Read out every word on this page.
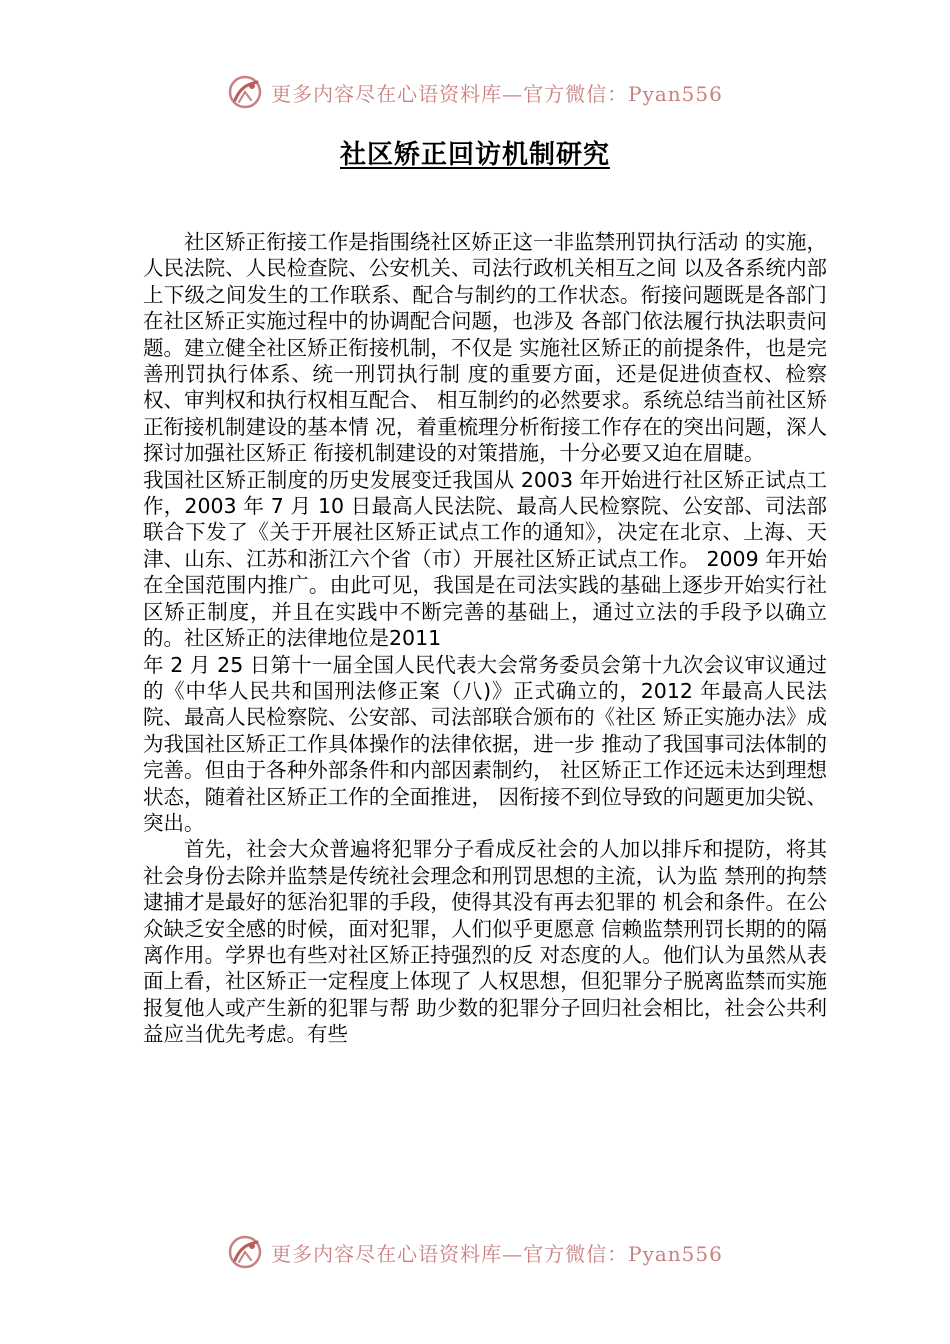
更多内容尽在心语资料库—官方微信：Pyan556
社区矫正回访机制研究

社区矫正衔接工作是指围绕社区娇正这一非监禁刑罚执行活动 的实施，人民法院、人民检查院、公安机关、司法行政机关相互之间 以及各系统内部上下级之间发生的工作联系、配合与制约的工作状态。衔接问题既是各部门在社区矫正实施过程中的协调配合问题，也涉及 各部门依法履行执法职责问题。建立健全社区矫正衔接机制，不仅是 实施社区矫正的前提条件，也是完善刑罚执行体系、统一刑罚执行制 度的重要方面，还是促进侦查权、检察权、审判权和执行权相互配合、 相互制约的必然要求。系统总结当前社区矫正衔接机制建设的基本情 况，着重梳理分析衔接工作存在的突出问题，深人探讨加强社区矫正 衔接机制建设的对策措施，十分必要又迫在眉睫。

我国社区矫正制度的历史发展变迁我国从 2003 年开始进行社区矫正试点工作，2003 年 7 月 10 日最高人民法院、最高人民检察院、公安部、司法部联合下发了《关于开展社区矫正试点工作的通知》，决定在北京、上海、天津、山东、江苏和浙江六个省（市）开展社区矫正试点工作。 2009 年开始在全国范围内推广。由此可见，我国是在司法实践的基础上逐步开始实行社区矫正制度，并且在实践中不断完善的基础上，通过立法的手段予以确立的。社区矫正的法律地位是2011

年 2 月 25 日第十一届全国人民代表大会常务委员会第十九次会议审议通过的《中华人民共和国刑法修正案（八)》正式确立的，2012 年最高人民法院、最高人民检察院、公安部、司法部联合颁布的《社区 矫正实施办法》成为我国社区矫正工作具体操作的法律依据，进一步 推动了我国事司法体制的完善。但由于各种外部条件和内部因素制约， 社区矫正工作还远未达到理想状态，随着社区矫正工作的全面推进， 因衔接不到位导致的问题更加尖锐、突出。

首先，社会大众普遍将犯罪分子看成反社会的人加以排斥和提防，将其社会身份去除并监禁是传统社会理念和刑罚思想的主流，认为监 禁刑的拘禁逮捕才是最好的惩治犯罪的手段，使得其没有再去犯罪的 机会和条件。在公众缺乏安全感的时候，面对犯罪，人们似乎更愿意 信赖监禁刑罚长期的的隔离作用。学界也有些对社区矫正持强烈的反 对态度的人。他们认为虽然从表面上看，社区矫正一定程度上体现了 人权思想，但犯罪分子脱离监禁而实施报复他人或产生新的犯罪与帮 助少数的犯罪分子回归社会相比，社会公共利益应当优先考虑。有些

更多内容尽在心语资料库—官方微信：Pyan556
